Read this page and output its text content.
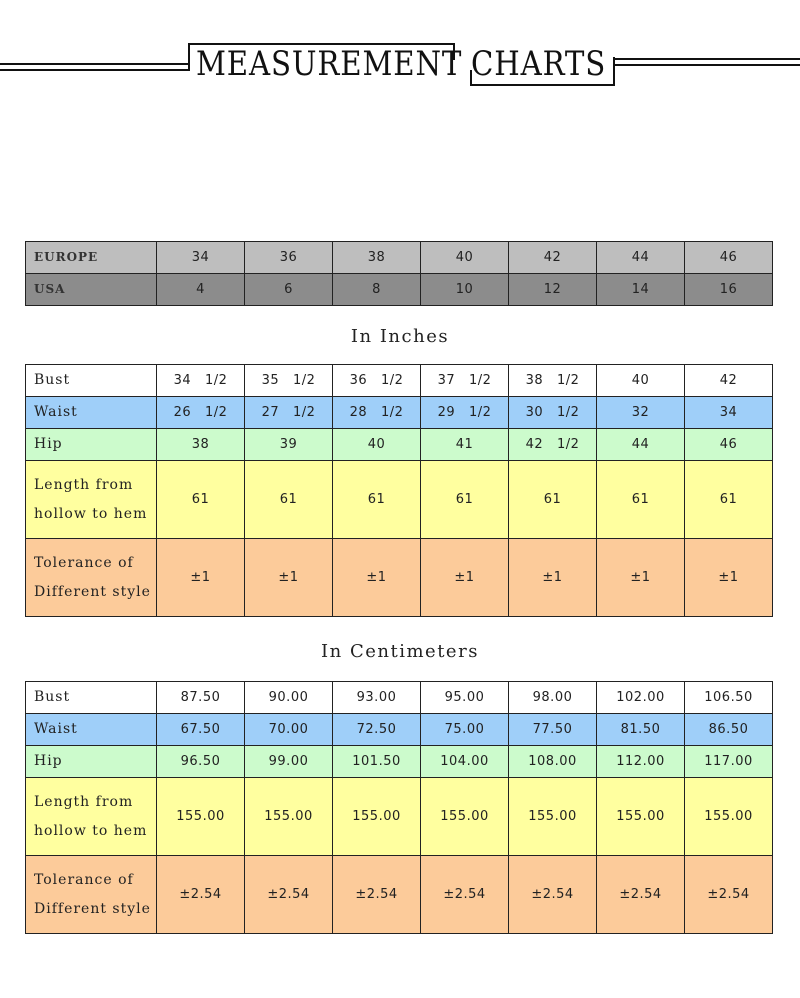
MEASUREMENT CHARTS
EUROPE	34	36	38	40	42	44	46
USA	4	6	8	10	12	14	16
In Inches
Bust	34   1/2	35   1/2	36   1/2	37   1/2	38   1/2	40	42
Waist	26   1/2	27   1/2	28   1/2	29   1/2	30   1/2	32	34
Hip	38	39	40	41	42   1/2	44	46
Length from
hollow to hem	61	61	61	61	61	61	61
Tolerance of
Different style	±1	±1	±1	±1	±1	±1	±1
In Centimeters
Bust	87.50	90.00	93.00	95.00	98.00	102.00	106.50
Waist	67.50	70.00	72.50	75.00	77.50	81.50	86.50
Hip	96.50	99.00	101.50	104.00	108.00	112.00	117.00
Length from
hollow to hem	155.00	155.00	155.00	155.00	155.00	155.00	155.00
Tolerance of
Different style	±2.54	±2.54	±2.54	±2.54	±2.54	±2.54	±2.54
